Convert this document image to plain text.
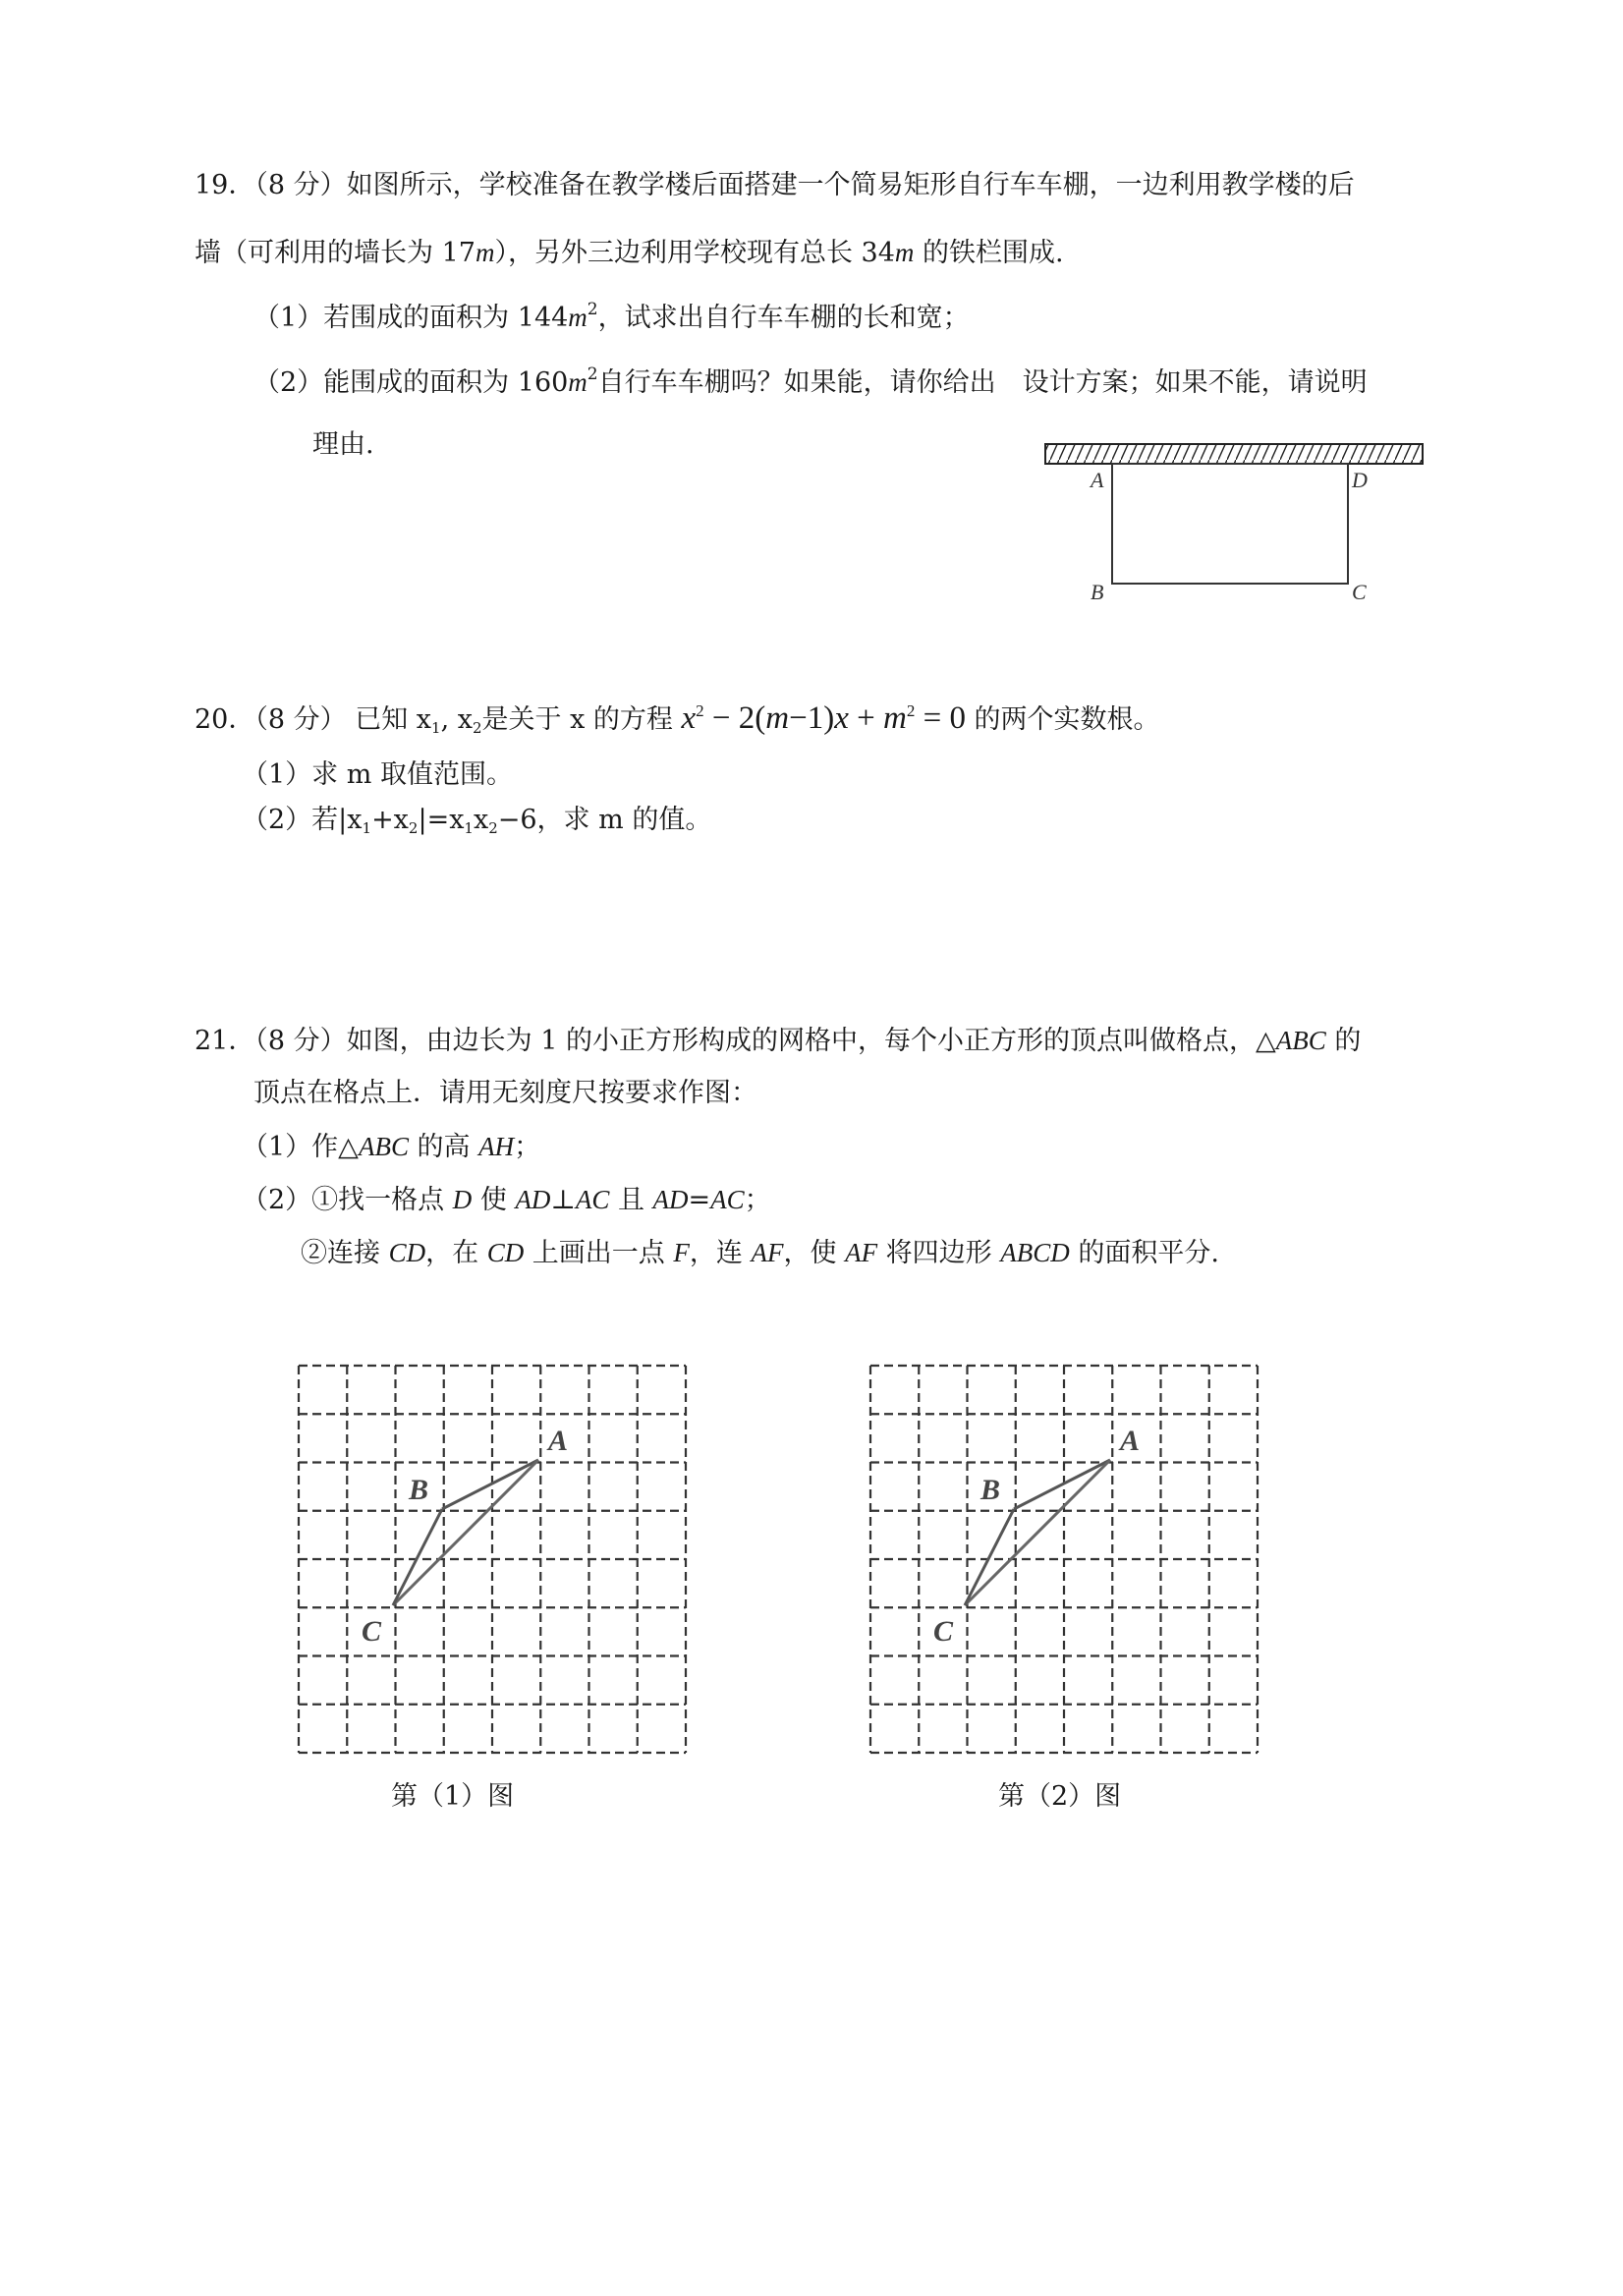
19．（8 分）如图所示，学校准备在教学楼后面搭建一个简易矩形自行车车棚，一边利用教学楼的后
墙（可利用的墙长为 17m），另外三边利用学校现有总长 34m 的铁栏围成.
（1）若围成的面积为 $144m^2$，试求出自行车车棚的长和宽；
（2）能围成的面积为 $160m^2$自行车车棚吗？如果能，请你给出　设计方案；如果不能，请说明
理由.
A	D
B	C
20．（8 分） 已知 $x_1$, $x_2$是关于 x 的方程 $x^2 - 2(m-1)x + m^2 = 0$ 的两个实数根。
（1）求 m 取值范围。
（2）若$|x_1+x_2|=x_1x_2-6$，求 m 的值。
21．（8 分）如图，由边长为 1 的小正方形构成的网格中，每个小正方形的顶点叫做格点，△ABC 的
顶点在格点上．请用无刻度尺按要求作图：
（1）作△ABC 的高 AH；
（2）①找一格点 D 使 AD⊥AC 且 AD=AC；
②连接 CD，在 CD 上画出一点 F，连 AF，使 AF 将四边形 ABCD 的面积平分.
A
B
C
A
B
C
第（1）图	第（2）图
